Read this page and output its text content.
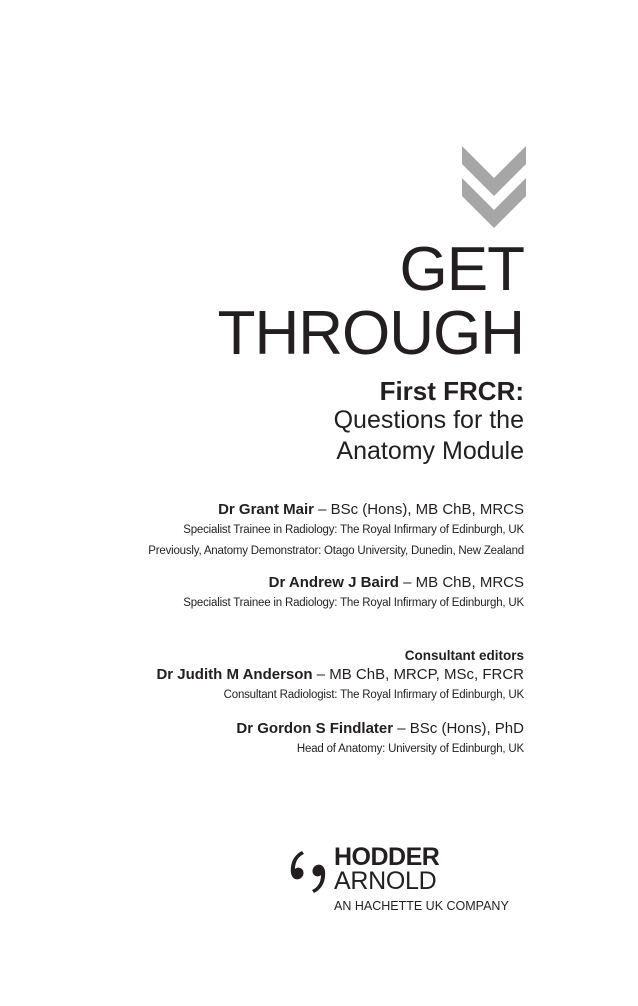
GET
THROUGH
First FRCR:
Questions for the
Anatomy Module
Dr Grant Mair – BSc (Hons), MB ChB, MRCS
Specialist Trainee in Radiology: The Royal Infirmary of Edinburgh, UK
Previously, Anatomy Demonstrator: Otago University, Dunedin, New Zealand
Dr Andrew J Baird – MB ChB, MRCS
Specialist Trainee in Radiology: The Royal Infirmary of Edinburgh, UK
Consultant editors
Dr Judith M Anderson – MB ChB, MRCP, MSc, FRCR
Consultant Radiologist: The Royal Infirmary of Edinburgh, UK
Dr Gordon S Findlater – BSc (Hons), PhD
Head of Anatomy: University of Edinburgh, UK
HODDER
ARNOLD
AN HACHETTE UK COMPANY
